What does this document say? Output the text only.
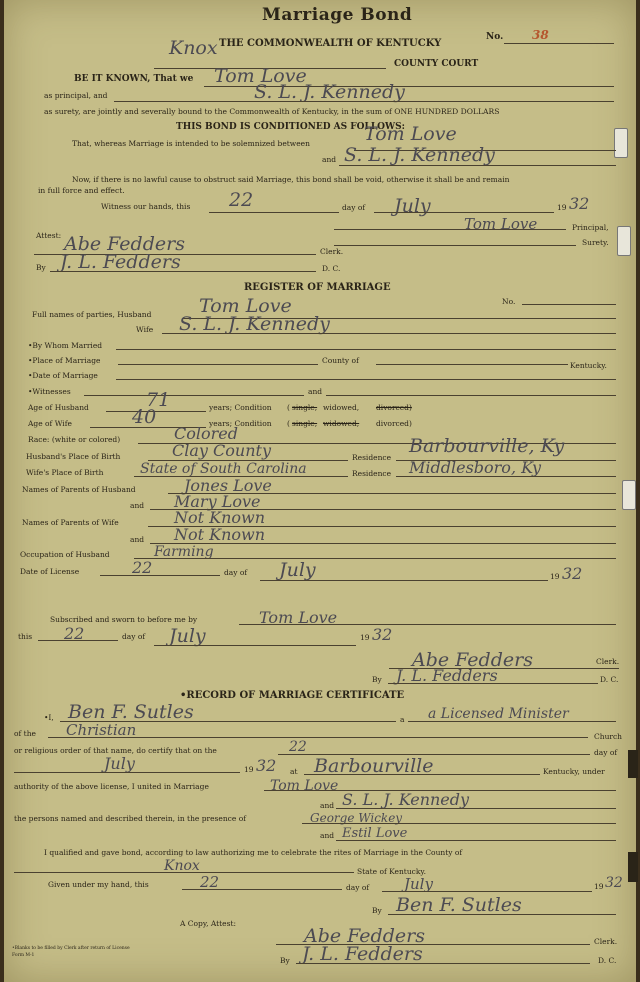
Marriage Bond
No. 38
THE COMMONWEALTH OF KENTUCKY
Knox
COUNTY COURT
BE IT KNOWN, That we Tom Love
as principal, and	S. L. J. Kennedy
as surety, are jointly and severally bound to the Commonwealth of Kentucky, in the sum of ONE HUNDRED DOLLARS
THIS BOND IS CONDITIONED AS FOLLOWS:
That, whereas Marriage is intended to be solemnized between	Tom Love
and S. L. J. Kennedy
Now, if there is no lawful cause to obstruct said Marriage, this bond shall be void, otherwise it shall be and remain
in full force and effect.
Witness our hands, this 22	day of July	19 32
Tom Love	Principal,
Surety.
Attest: Abe Fedders	Clerk.
By J. L. Fedders	D. C.
REGISTER OF MARRIAGE
No.
Full names of parties, Husband	Tom Love
Wife S. L. J. Kennedy
•By Whom Married
•Place of Marriage	County of
Kentucky.
•Date of Marriage
•Witnesses	and
Age of Husband	71	years; Condition ( single, widowed, divorced)
Age of Wife	40	years; Condition ( single, widowed, divorced)
Race: (white or colored)	Colored
Husband's Place of Birth	Clay County	Residence
Barbourville, Ky
Wife's Place of Birth	State of South Carolina	Residence Middlesboro, Ky
Names of Parents of Husband	Jones Love
and Mary Love
Names of Parents of Wife	Not Known
and Not Known
Occupation of Husband	Farming
Date of License	22	day of July	19 32
Subscribed and sworn to before me by	Tom Love
this 22	day of July	19 32
Abe Fedders	Clerk.
By J. L. Fedders	D. C.
•RECORD OF MARRIAGE CERTIFICATE
•I, Ben F. Sutles	a a Licensed Minister
of the Christian	Church
or religious order of that name, do certify that on the	22	day of
July	19 32 at Barbourville	Kentucky, under
authority of the above license, I united in Marriage	Tom Love
and S. L. J. Kennedy
the persons named and described therein, in the presence of	George Wickey
and Estil Love
I qualified and gave bond, according to law authorizing me to celebrate the rites of Marriage in the County of
Knox	State of Kentucky.
Given under my hand, this	22	day of July	19 32
By Ben F. Sutles
A Copy, Attest:
Abe Fedders	Clerk.
By J. L. Fedders	D. C.
•Blanks to be filled by Clerk after return of License
Form M-1
